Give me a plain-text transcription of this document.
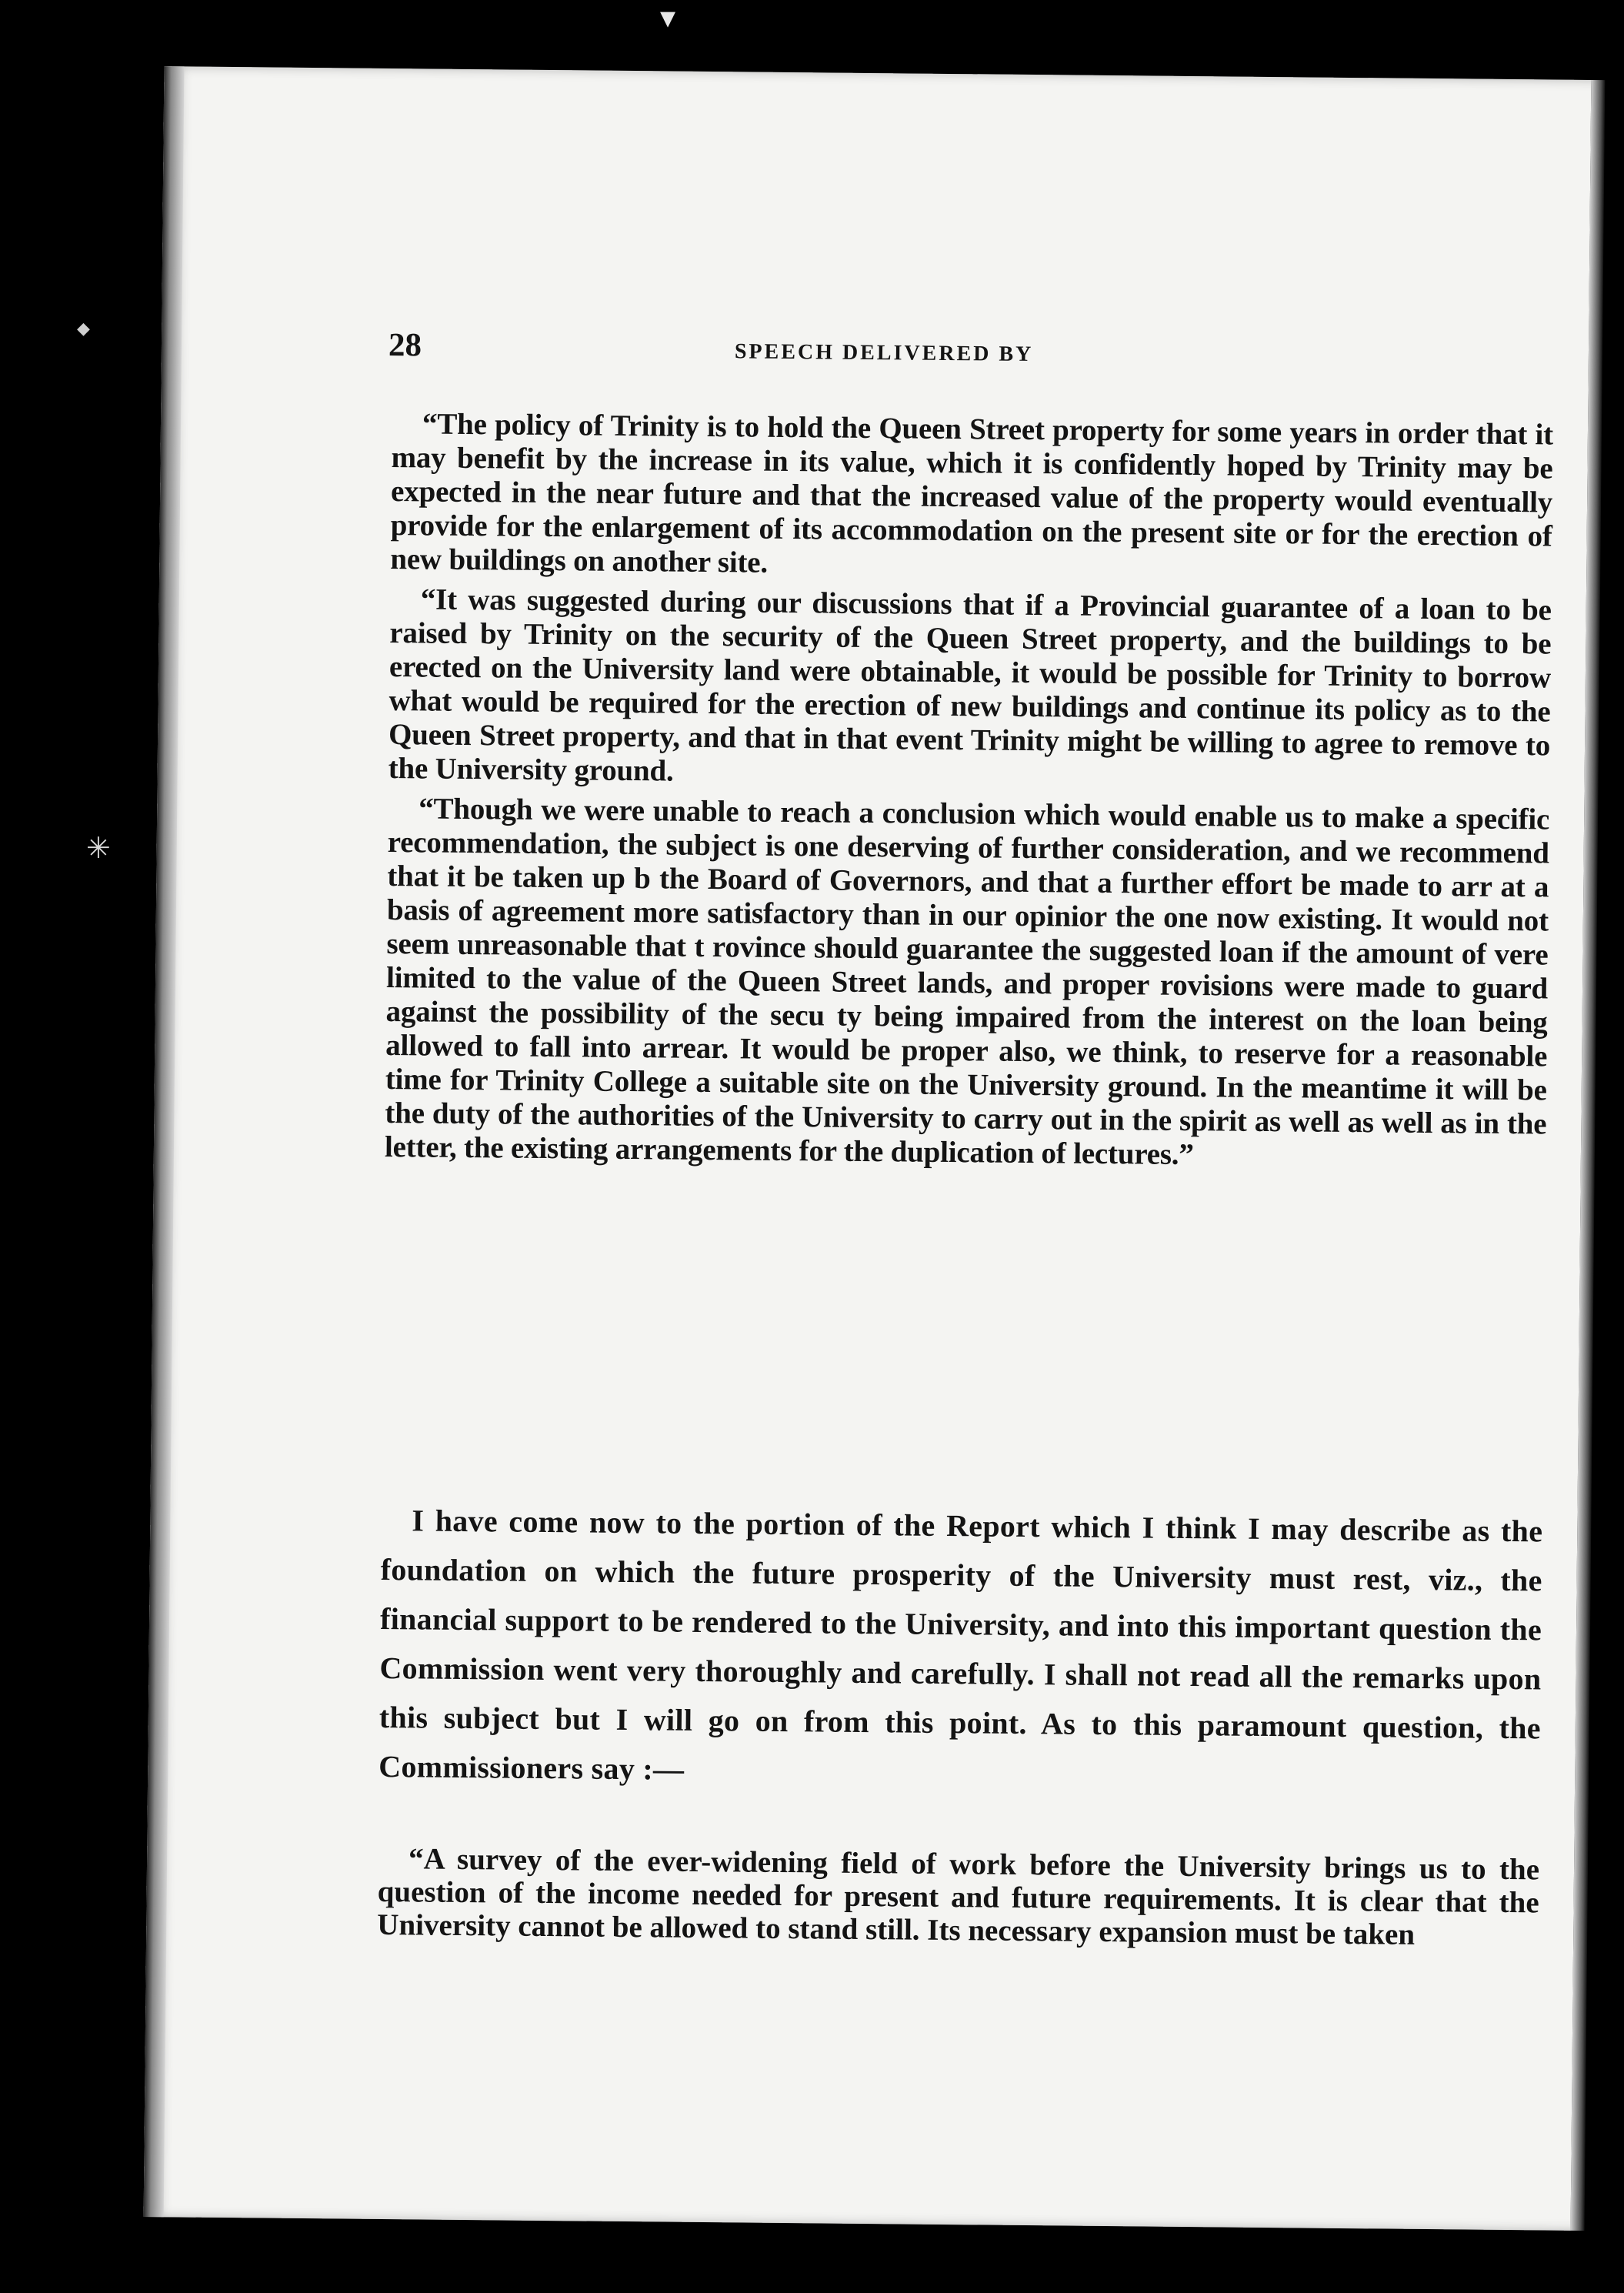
28	SPEECH DELIVERED BY

“The policy of Trinity is to hold the Queen Street property for some years in order that it may benefit by the increase in its value, which it is confidently hoped by Trinity may be expected in the near future and that the increased value of the property would eventually provide for the enlargement of its accommodation on the present site or for the erection of new buildings on another site.

“It was suggested during our discussions that if a Provincial guarantee of a loan to be raised by Trinity on the security of the Queen Street property, and the buildings to be erected on the University land were obtainable, it would be possible for Trinity to borrow what would be required for the erection of new buildings and continue its policy as to the Queen Street property, and that in that event Trinity might be willing to agree to remove to the University ground.

“Though we were unable to reach a conclusion which would enable us to make a specific recommendation, the subject is one deserving of further consideration, and we recommend that it be taken up b the Board of Governors, and that a further effort be made to arr at a basis of agreement more satisfactory than in our opinior the one now existing. It would not seem unreasonable that t rovince should guarantee the suggested loan if the amount of vere limited to the value of the Queen Street lands, and proper rovisions were made to guard against the possibility of the secu ty being impaired from the interest on the loan being allowed to fall into arrear. It would be proper also, we think, to reserve for a reasonable time for Trinity College a suitable site on the University ground. In the meantime it will be the duty of the authorities of the University to carry out in the spirit as well as well as in the letter, the existing arrangements for the duplication of lectures.”

I have come now to the portion of the Report which I think I may describe as the foundation on which the future prosperity of the University must rest, viz., the financial support to be rendered to the University, and into this important question the Commission went very thoroughly and carefully. I shall not read all the remarks upon this subject but I will go on from this point. As to this paramount question, the Commissioners say :—

“A survey of the ever-widening field of work before the University brings us to the question of the income needed for present and future requirements. It is clear that the University cannot be allowed to stand still. Its necessary expansion must be taken

▾
◆
✳
